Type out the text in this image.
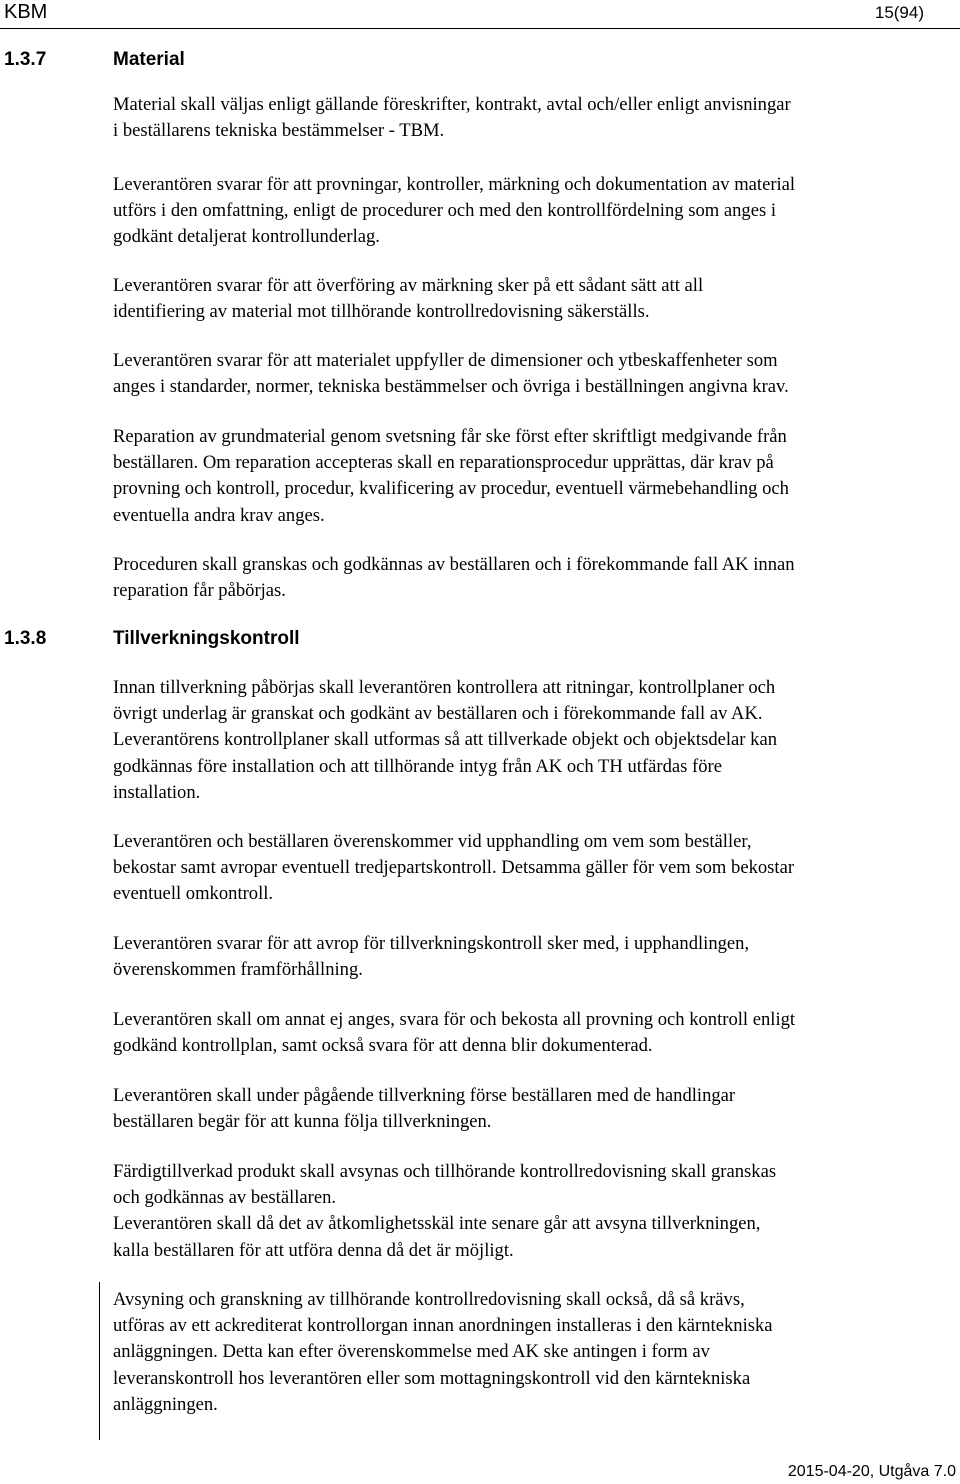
KBM	15(94)
1.3.7	Material
Material skall väljas enligt gällande föreskrifter, kontrakt, avtal och/eller enligt anvisningar
i beställarens tekniska bestämmelser - TBM.
Leverantören svarar för att provningar, kontroller, märkning och dokumentation av material
utförs i den omfattning, enligt de procedurer och med den kontrollfördelning som anges i
godkänt detaljerat kontrollunderlag.
Leverantören svarar för att överföring av märkning sker på ett sådant sätt att all
identifiering av material mot tillhörande kontrollredovisning säkerställs.
Leverantören svarar för att materialet uppfyller de dimensioner och ytbeskaffenheter som
anges i standarder, normer, tekniska bestämmelser och övriga i beställningen angivna krav.
Reparation av grundmaterial genom svetsning får ske först efter skriftligt medgivande från
beställaren. Om reparation accepteras skall en reparationsprocedur upprättas, där krav på
provning och kontroll, procedur, kvalificering av procedur, eventuell värmebehandling och
eventuella andra krav anges.
Proceduren skall granskas och godkännas av beställaren och i förekommande fall AK innan
reparation får påbörjas.
1.3.8	Tillverkningskontroll
Innan tillverkning påbörjas skall leverantören kontrollera att ritningar, kontrollplaner och
övrigt underlag är granskat och godkänt av beställaren och i förekommande fall av AK.
Leverantörens kontrollplaner skall utformas så att tillverkade objekt och objektsdelar kan
godkännas före installation och att tillhörande intyg från AK och TH utfärdas före
installation.
Leverantören och beställaren överenskommer vid upphandling om vem som beställer,
bekostar samt avropar eventuell tredjepartskontroll. Detsamma gäller för vem som bekostar
eventuell omkontroll.
Leverantören svarar för att avrop för tillverkningskontroll sker med, i upphandlingen,
överenskommen framförhållning.
Leverantören skall om annat ej anges, svara för och bekosta all provning och kontroll enligt
godkänd kontrollplan, samt också svara för att denna blir dokumenterad.
Leverantören skall under pågående tillverkning förse beställaren med de handlingar
beställaren begär för att kunna följa tillverkningen.
Färdigtillverkad produkt skall avsynas och tillhörande kontrollredovisning skall granskas
och godkännas av beställaren.
Leverantören skall då det av åtkomlighetsskäl inte senare går att avsyna tillverkningen,
kalla beställaren för att utföra denna då det är möjligt.
Avsyning och granskning av tillhörande kontrollredovisning skall också, då så krävs,
utföras av ett ackrediterat kontrollorgan innan anordningen installeras i den kärntekniska
anläggningen. Detta kan efter överenskommelse med AK ske antingen i form av
leveranskontroll hos leverantören eller som mottagningskontroll vid den kärntekniska
anläggningen.
2015-04-20, Utgåva 7.0
